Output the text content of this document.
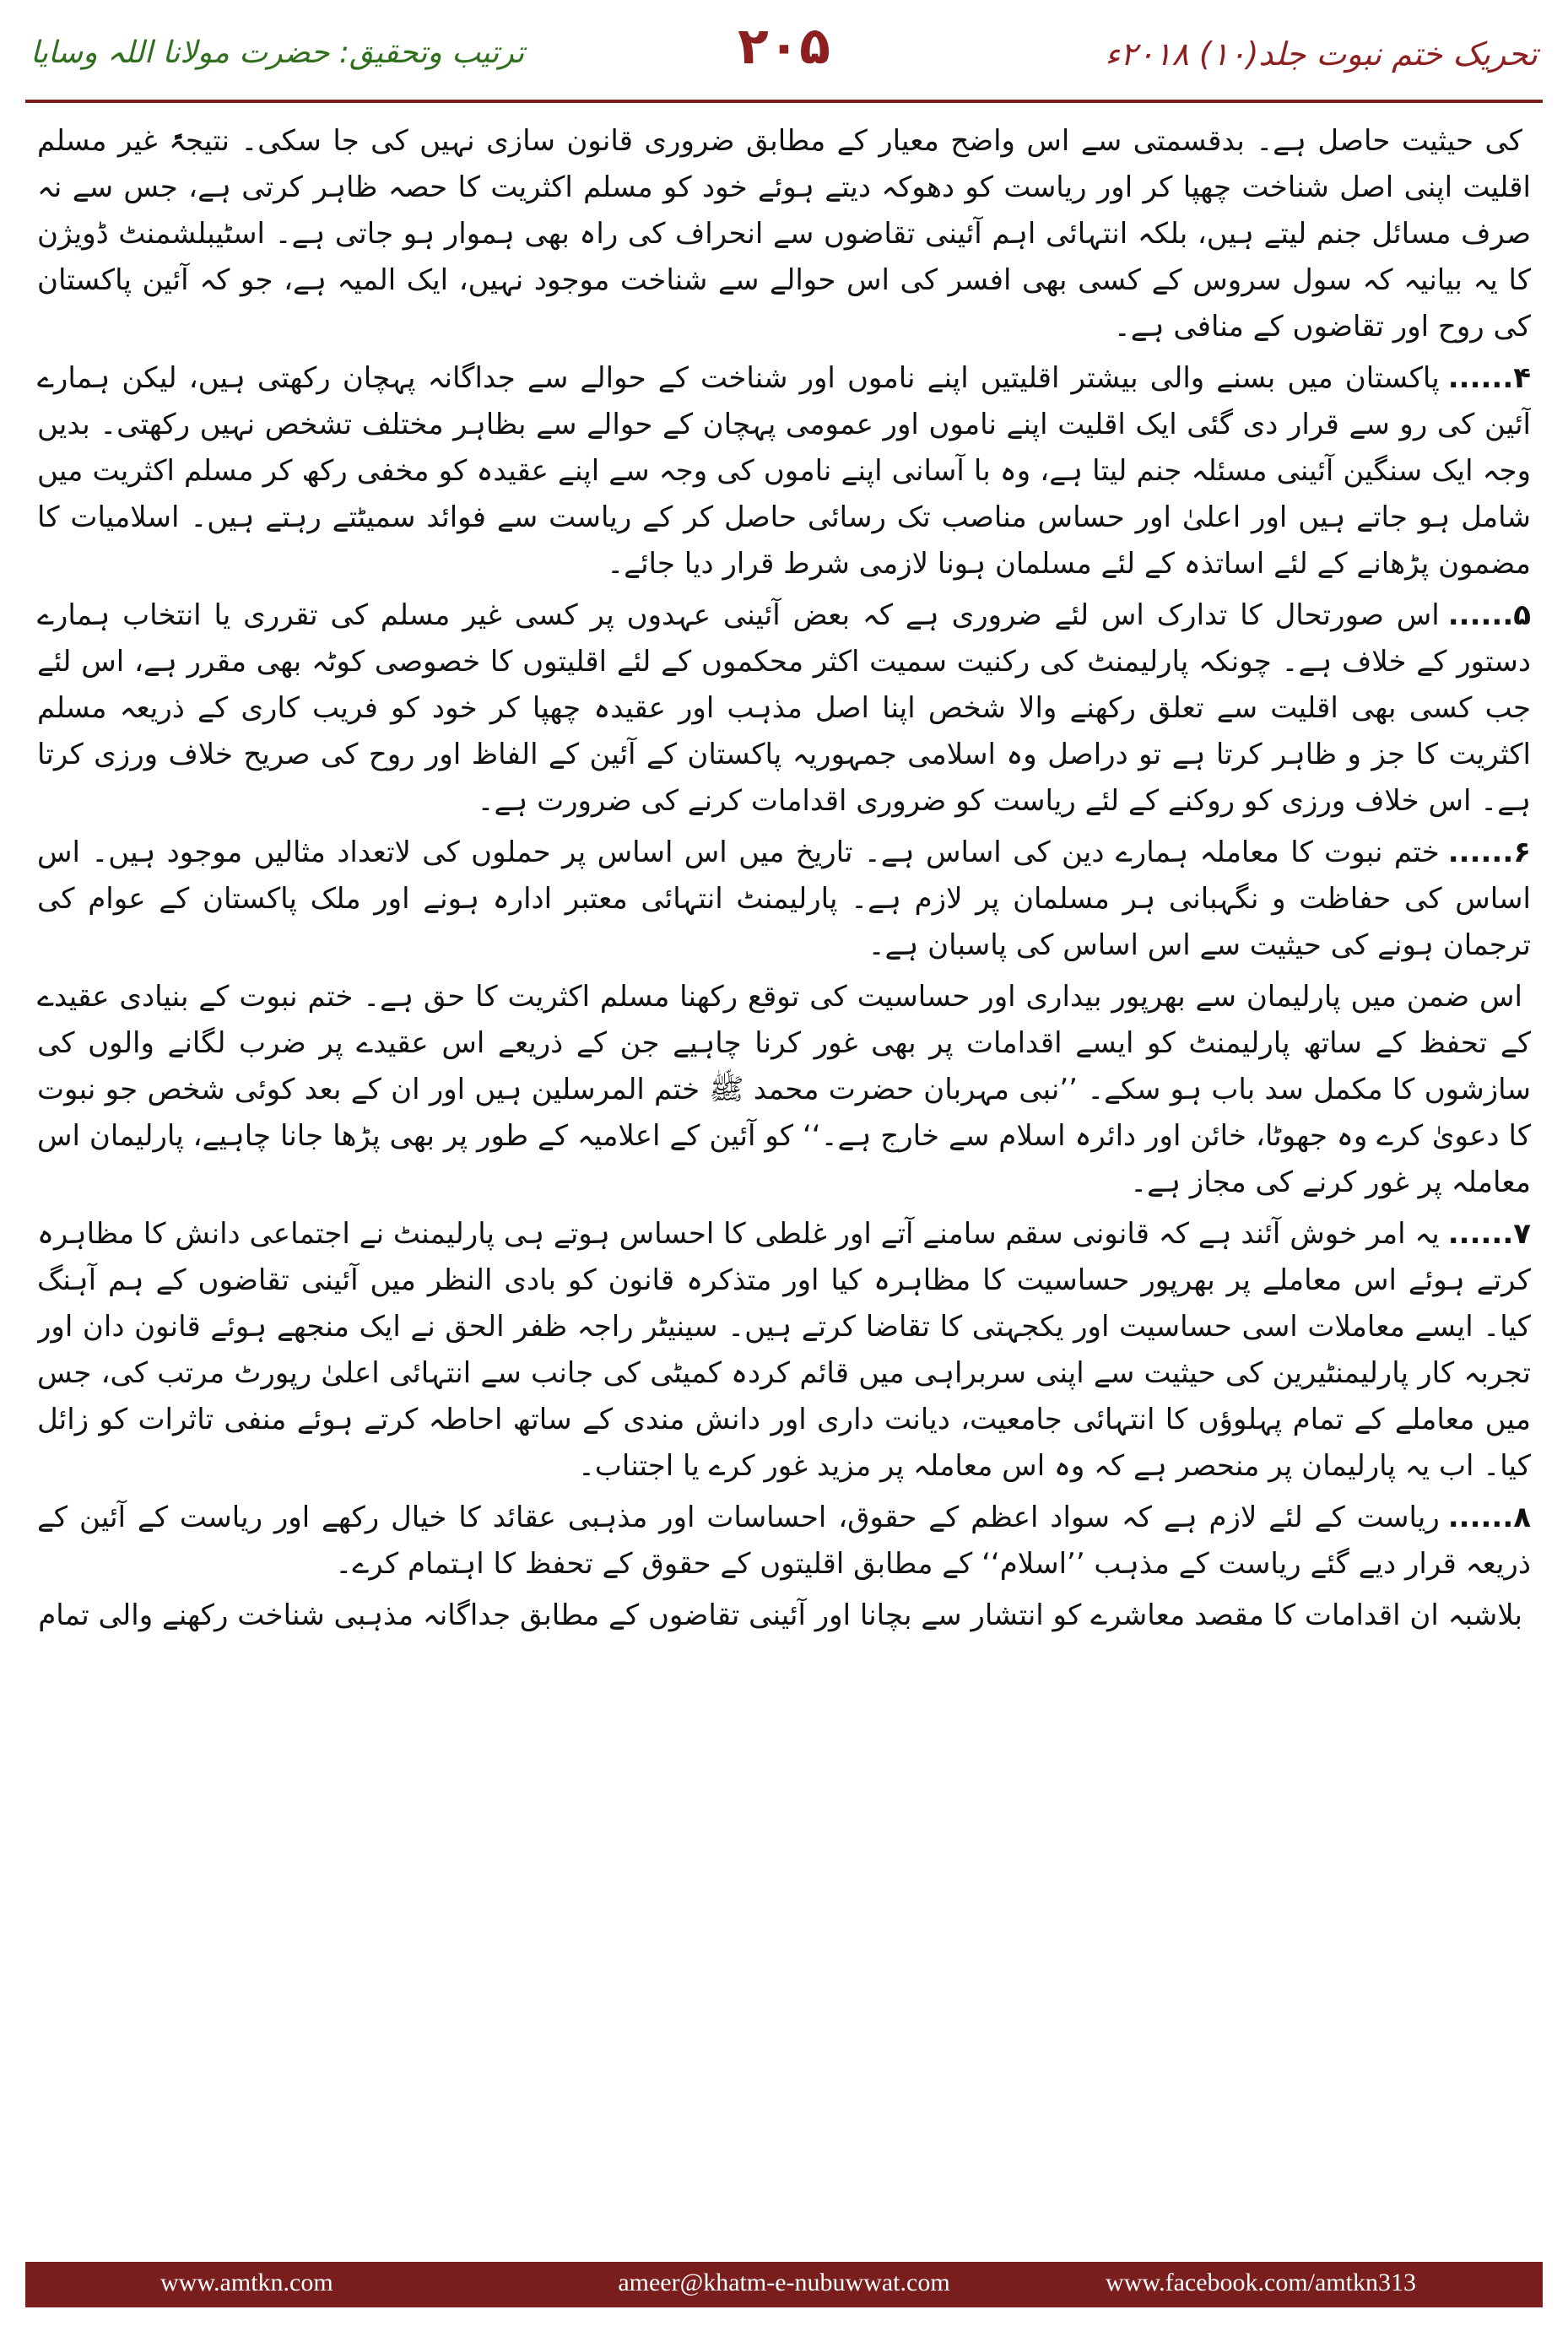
تحریک ختم نبوت جلد(۱۰) ۲۰۱۸ء
۲۰۵
ترتیب وتحقیق: حضرت مولانا اللہ وسایا

کی حیثیت حاصل ہے۔ بدقسمتی سے اس واضح معیار کے مطابق ضروری قانون سازی نہیں کی جا سکی۔ نتیجۃً غیر مسلم اقلیت اپنی اصل شناخت چھپا کر اور ریاست کو دھوکہ دیتے ہوئے خود کو مسلم اکثریت کا حصہ ظاہر کرتی ہے، جس سے نہ صرف مسائل جنم لیتے ہیں، بلکہ انتہائی اہم آئینی تقاضوں سے انحراف کی راہ بھی ہموار ہو جاتی ہے۔ اسٹیبلشمنٹ ڈویژن کا یہ بیانیہ کہ سول سروس کے کسی بھی افسر کی اس حوالے سے شناخت موجود نہیں، ایک المیہ ہے، جو کہ آئین پاکستان کی روح اور تقاضوں کے منافی ہے۔

۴......پاکستان میں بسنے والی بیشتر اقلیتیں اپنے ناموں اور شناخت کے حوالے سے جداگانہ پہچان رکھتی ہیں، لیکن ہمارے آئین کی رو سے قرار دی گئی ایک اقلیت اپنے ناموں اور عمومی پہچان کے حوالے سے بظاہر مختلف تشخص نہیں رکھتی۔ بدیں وجہ ایک سنگین آئینی مسئلہ جنم لیتا ہے، وہ با آسانی اپنے ناموں کی وجہ سے اپنے عقیدہ کو مخفی رکھ کر مسلم اکثریت میں شامل ہو جاتے ہیں اور اعلیٰ اور حساس مناصب تک رسائی حاصل کر کے ریاست سے فوائد سمیٹتے رہتے ہیں۔ اسلامیات کا مضمون پڑھانے کے لئے اساتذہ کے لئے مسلمان ہونا لازمی شرط قرار دیا جائے۔

۵......اس صورتحال کا تدارک اس لئے ضروری ہے کہ بعض آئینی عہدوں پر کسی غیر مسلم کی تقرری یا انتخاب ہمارے دستور کے خلاف ہے۔ چونکہ پارلیمنٹ کی رکنیت سمیت اکثر محکموں کے لئے اقلیتوں کا خصوصی کوٹہ بھی مقرر ہے، اس لئے جب کسی بھی اقلیت سے تعلق رکھنے والا شخص اپنا اصل مذہب اور عقیدہ چھپا کر خود کو فریب کاری کے ذریعہ مسلم اکثریت کا جز و ظاہر کرتا ہے تو دراصل وہ اسلامی جمہوریہ پاکستان کے آئین کے الفاظ اور روح کی صریح خلاف ورزی کرتا ہے۔ اس خلاف ورزی کو روکنے کے لئے ریاست کو ضروری اقدامات کرنے کی ضرورت ہے۔

۶......ختم نبوت کا معاملہ ہمارے دین کی اساس ہے۔ تاریخ میں اس اساس پر حملوں کی لاتعداد مثالیں موجود ہیں۔ اس اساس کی حفاظت و نگہبانی ہر مسلمان پر لازم ہے۔ پارلیمنٹ انتہائی معتبر ادارہ ہونے اور ملک پاکستان کے عوام کی ترجمان ہونے کی حیثیت سے اس اساس کی پاسبان ہے۔

اس ضمن میں پارلیمان سے بھرپور بیداری اور حساسیت کی توقع رکھنا مسلم اکثریت کا حق ہے۔ ختم نبوت کے بنیادی عقیدے کے تحفظ کے ساتھ پارلیمنٹ کو ایسے اقدامات پر بھی غور کرنا چاہیے جن کے ذریعے اس عقیدے پر ضرب لگانے والوں کی سازشوں کا مکمل سد باب ہو سکے۔ ’’نبی مہربان حضرت محمد ﷺ ختم المرسلین ہیں اور ان کے بعد کوئی شخص جو نبوت کا دعویٰ کرے وہ جھوٹا، خائن اور دائرہ اسلام سے خارج ہے۔‘‘ کو آئین کے اعلامیہ کے طور پر بھی پڑھا جانا چاہیے، پارلیمان اس معاملہ پر غور کرنے کی مجاز ہے۔

۷......یہ امر خوش آئند ہے کہ قانونی سقم سامنے آتے اور غلطی کا احساس ہوتے ہی پارلیمنٹ نے اجتماعی دانش کا مظاہرہ کرتے ہوئے اس معاملے پر بھرپور حساسیت کا مظاہرہ کیا اور متذکرہ قانون کو بادی النظر میں آئینی تقاضوں کے ہم آہنگ کیا۔ ایسے معاملات اسی حساسیت اور یکجہتی کا تقاضا کرتے ہیں۔ سینیٹر راجہ ظفر الحق نے ایک منجھے ہوئے قانون دان اور تجربہ کار پارلیمنٹیرین کی حیثیت سے اپنی سربراہی میں قائم کردہ کمیٹی کی جانب سے انتہائی اعلیٰ رپورٹ مرتب کی، جس میں معاملے کے تمام پہلوؤں کا انتہائی جامعیت، دیانت داری اور دانش مندی کے ساتھ احاطہ کرتے ہوئے منفی تاثرات کو زائل کیا۔ اب یہ پارلیمان پر منحصر ہے کہ وہ اس معاملہ پر مزید غور کرے یا اجتناب۔

۸......ریاست کے لئے لازم ہے کہ سواد اعظم کے حقوق، احساسات اور مذہبی عقائد کا خیال رکھے اور ریاست کے آئین کے ذریعہ قرار دیے گئے ریاست کے مذہب ’’اسلام‘‘ کے مطابق اقلیتوں کے حقوق کے تحفظ کا اہتمام کرے۔

بلاشبہ ان اقدامات کا مقصد معاشرے کو انتشار سے بچانا اور آئینی تقاضوں کے مطابق جداگانہ مذہبی شناخت رکھنے والی تمام

www.amtkn.com	ameer@khatm-e-nubuwwat.com	www.facebook.com/amtkn313
